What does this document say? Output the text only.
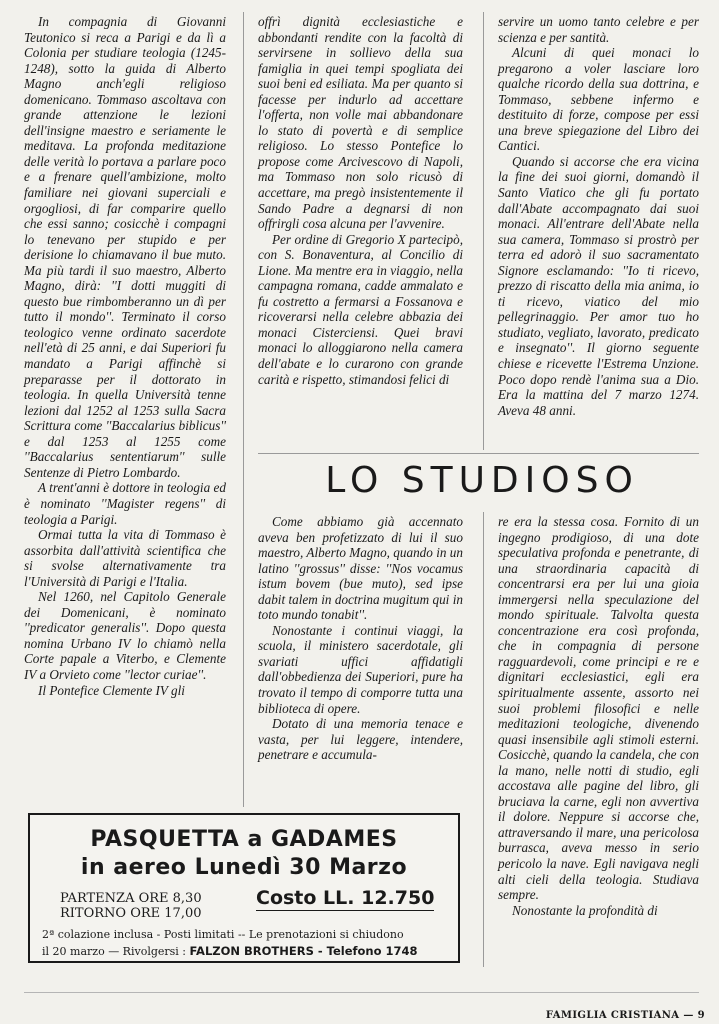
In compagnia di Giovanni Teutonico si reca a Parigi e da lì a Colonia per studiare teologia (1245-1248), sotto la guida di Alberto Magno anch'egli religioso domenicano. Tommaso ascoltava con grande attenzione le lezioni dell'insigne maestro e seriamente le meditava. La profonda meditazione delle verità lo portava a parlare poco e a frenare quell'ambizione, molto familiare nei giovani superciali e orgogliosi, di far comparire quello che essi sanno; cosicchè i compagni lo tenevano per stupido e per derisione lo chiamavano il bue muto. Ma più tardi il suo maestro, Alberto Magno, dirà: ''I dotti muggiti di questo bue rimbomberanno un dì per tutto il mondo''. Terminato il corso teologico venne ordinato sacerdote nell'età di 25 anni, e dai Superiori fu mandato a Parigi affinchè si preparasse per il dottorato in teologia. In quella Università tenne lezioni dal 1252 al 1253 sulla Sacra Scrittura come ''Baccalarius biblicus'' e dal 1253 al 1255 come ''Baccalarius sententiarum'' sulle Sentenze di Pietro Lombardo.

A trent'anni è dottore in teologia ed è nominato ''Magister regens'' di teologia a Parigi.

Ormai tutta la vita di Tommaso è assorbita dall'attività scientifica che si svolse alternativamente tra l'Università di Parigi e l'Italia.

Nel 1260, nel Capitolo Generale dei Domenicani, è nominato ''predicator generalis''. Dopo questa nomina Urbano IV lo chiamò nella Corte papale a Viterbo, e Clemente IV a Orvieto come ''lector curiae''.

Il Pontefice Clemente IV gli

offrì dignità ecclesiastiche e abbondanti rendite con la facoltà di servirsene in sollievo della sua famiglia in quei tempi spogliata dei suoi beni ed esiliata. Ma per quanto si facesse per indurlo ad accettare l'offerta, non volle mai abbandonare lo stato di povertà e di semplice religioso. Lo stesso Pontefice lo propose come Arcivescovo di Napoli, ma Tommaso non solo ricusò di accettare, ma pregò insistentemente il Sando Padre a degnarsi di non offrirgli cosa alcuna per l'avvenire.

Per ordine di Gregorio X partecipò, con S. Bonaventura, al Concilio di Lione. Ma mentre era in viaggio, nella campagna romana, cadde ammalato e fu costretto a fermarsi a Fossanova e ricoverarsi nella celebre abbazia dei monaci Cisterciensi. Quei bravi monaci lo alloggiarono nella camera dell'abate e lo curarono con grande carità e rispetto, stimandosi felici di

servire un uomo tanto celebre e per scienza e per santità.

Alcuni di quei monaci lo pregarono a voler lasciare loro qualche ricordo della sua dottrina, e Tommaso, sebbene infermo e destituito di forze, compose per essi una breve spiegazione del Libro dei Cantici.

Quando si accorse che era vicina la fine dei suoi giorni, domandò il Santo Viatico che gli fu portato dall'Abate accompagnato dai suoi monaci. All'entrare dell'Abate nella sua camera, Tommaso si prostrò per terra ed adorò il suo sacramentato Signore esclamando: ''Io ti ricevo, prezzo di riscatto della mia anima, io ti ricevo, viatico del mio pellegrinaggio. Per amor tuo ho studiato, vegliato, lavorato, predicato e insegnato''. Il giorno seguente chiese e ricevette l'Estrema Unzione. Poco dopo rendè l'anima sua a Dio. Era la mattina del 7 marzo 1274. Aveva 48 anni.

LO STUDIOSO

Come abbiamo già accennato aveva ben profetizzato di lui il suo maestro, Alberto Magno, quando in un latino ''grossus'' disse: ''Nos vocamus istum bovem (bue muto), sed ipse dabit talem in doctrina mugitum qui in toto mundo tonabit''.

Nonostante i continui viaggi, la scuola, il ministero sacerdotale, gli svariati uffici affidatigli dall'obbedienza dei Superiori, pure ha trovato il tempo di comporre tutta una biblioteca di opere.

Dotato di una memoria tenace e vasta, per lui leggere, intendere, penetrare e accumula-

re era la stessa cosa. Fornito di un ingegno prodigioso, di una dote speculativa profonda e penetrante, di una straordinaria capacità di concentrarsi era per lui una gioia immergersi nella speculazione del mondo spirituale. Talvolta questa concentrazione era così profonda, che in compagnia di persone ragguardevoli, come principi e re e dignitari ecclesiastici, egli era spiritualmente assente, assorto nei suoi problemi filosofici e nelle meditazioni teologiche, divenendo quasi insensibile agli stimoli esterni. Cosicchè, quando la candela, che con la mano, nelle notti di studio, egli accostava alle pagine del libro, gli bruciava la carne, egli non avvertiva il dolore. Neppure si accorse che, attraversando il mare, una pericolosa burrasca, aveva messo in serio pericolo la nave. Egli navigava negli alti cieli della teologia. Studiava sempre.

Nonostante la profondità di

PASQUETTA a GADAMES
in aereo Lunedì 30 Marzo
PARTENZA ORE 8,30
RITORNO ORE 17,00
Costo LL. 12.750
2ª colazione inclusa - Posti limitati -- Le prenotazioni si chiudono
il 20 marzo — Rivolgersi : FALZON BROTHERS - Telefono 1748
FAMIGLIA CRISTIANA — 9
